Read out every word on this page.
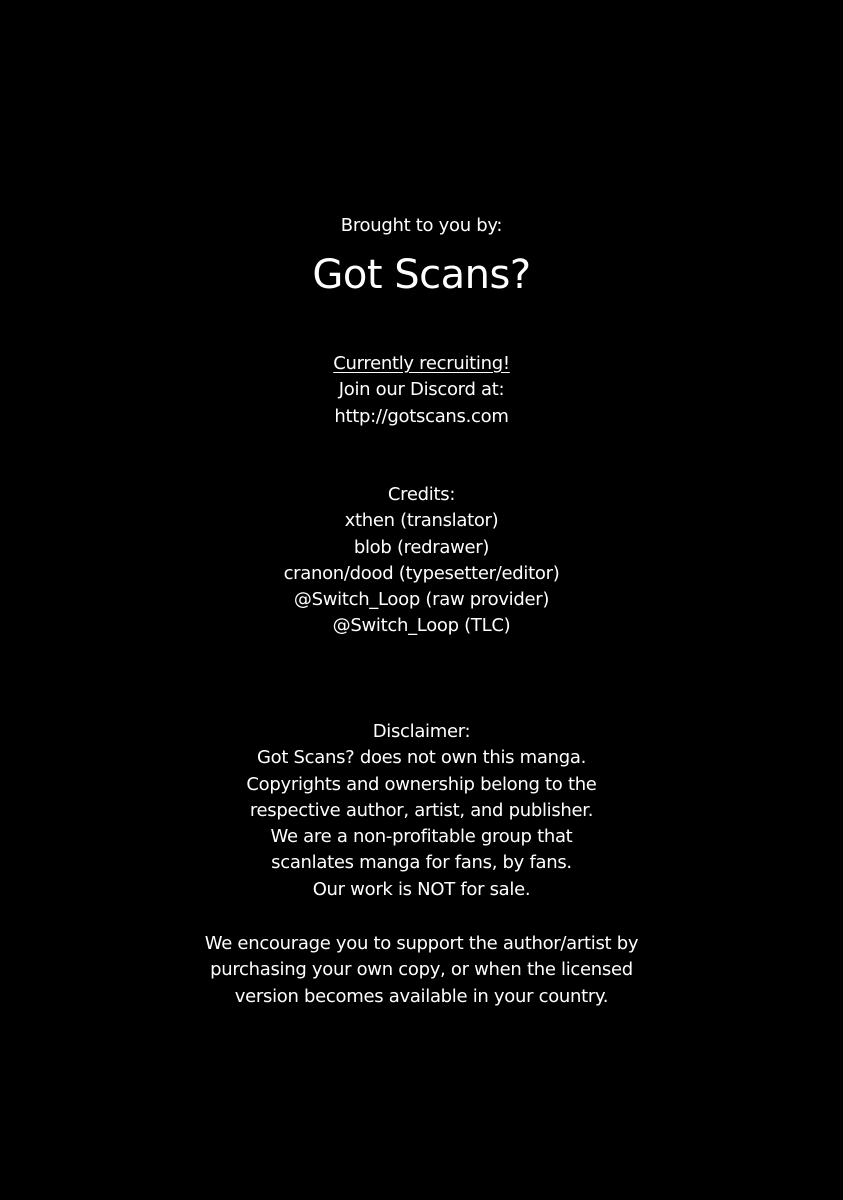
Brought to you by:
Got Scans?
Currently recruiting!
Join our Discord at:
http://gotscans.com
Credits:
xthen (translator)
blob (redrawer)
cranon/dood (typesetter/editor)
@Switch_Loop (raw provider)
@Switch_Loop (TLC)
Disclaimer:
Got Scans? does not own this manga.
Copyrights and ownership belong to the
respective author, artist, and publisher.
We are a non-profitable group that
scanlates manga for fans, by fans.
Our work is NOT for sale.
We encourage you to support the author/artist by
purchasing your own copy, or when the licensed
version becomes available in your country.
